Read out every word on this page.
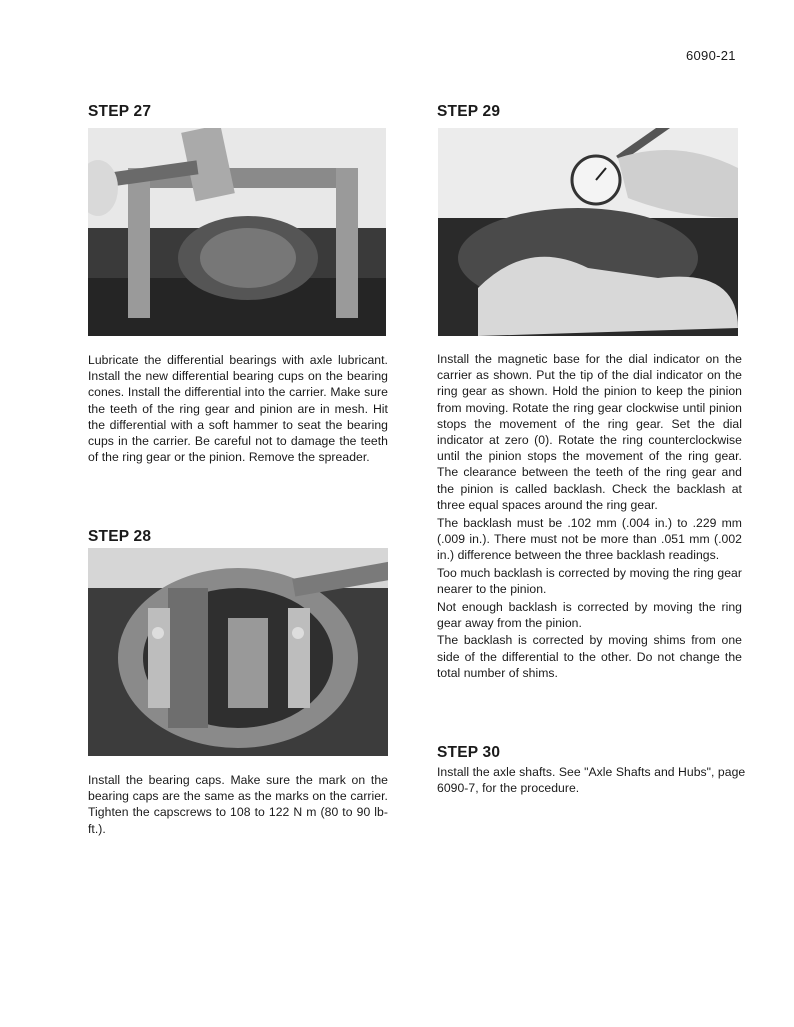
6090-21
STEP 27
Lubricate the differential bearings with axle lubricant. Install the new differential bearing cups on the bearing cones. Install the differential into the carrier. Make sure the teeth of the ring gear and pinion are in mesh. Hit the differential with a soft hammer to seat the bearing cups in the carrier. Be careful not to damage the teeth of the ring gear or the pinion. Remove the spreader.
STEP 28
Install the bearing caps. Make sure the mark on the bearing caps are the same as the marks on the carrier. Tighten the capscrews to 108 to 122 N m (80 to 90 lb-ft.).
STEP 29

Install the magnetic base for the dial indicator on the carrier as shown. Put the tip of the dial indicator on the ring gear as shown. Hold the pinion to keep the pinion from moving. Rotate the ring gear clockwise until pinion stops the movement of the ring gear. Set the dial indicator at zero (0). Rotate the ring counterclockwise until the pinion stops the movement of the ring gear. The clearance between the teeth of the ring gear and the pinion is called backlash. Check the backlash at three equal spaces around the ring gear.

The backlash must be .102 mm (.004 in.) to .229 mm (.009 in.). There must not be more than .051 mm (.002 in.) difference between the three backlash readings.

Too much backlash is corrected by moving the ring gear nearer to the pinion.

Not enough backlash is corrected by moving the ring gear away from the pinion.

The backlash is corrected by moving shims from one side of the differential to the other. Do not change the total number of shims.

STEP 30
Install the axle shafts. See "Axle Shafts and Hubs", page 6090-7, for the procedure.
